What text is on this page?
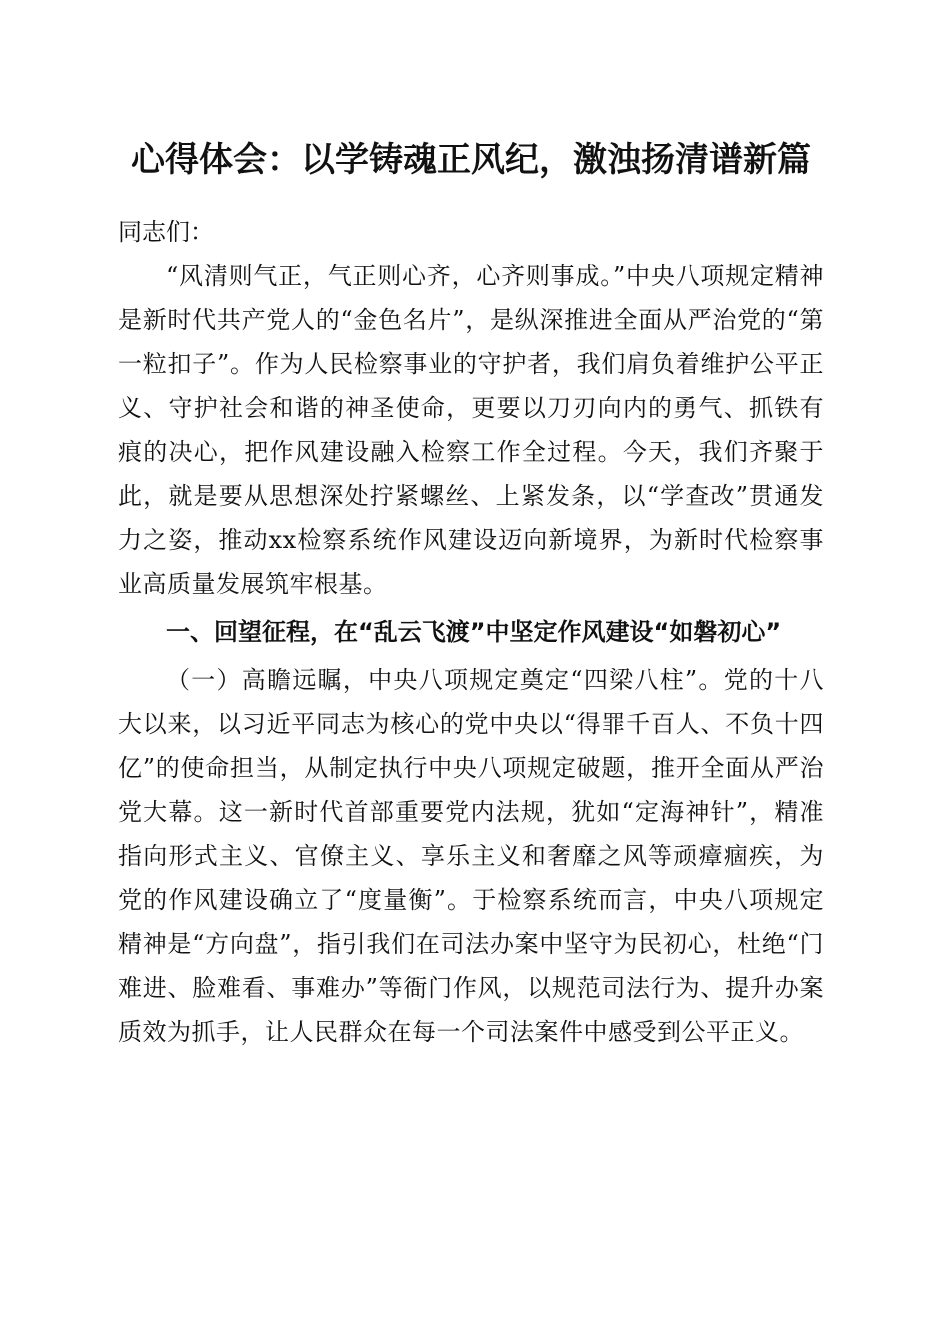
心得体会：以学铸魂正风纪，激浊扬清谱新篇

同志们：

“风清则气正，气正则心齐，心齐则事成。”中央八项规定精神是新时代共产党人的“金色名片”，是纵深推进全面从严治党的“第一粒扣子”。作为人民检察事业的守护者，我们肩负着维护公平正义、守护社会和谐的神圣使命，更要以刀刃向内的勇气、抓铁有痕的决心，把作风建设融入检察工作全过程。今天，我们齐聚于此，就是要从思想深处拧紧螺丝、上紧发条，以“学查改”贯通发力之姿，推动xx检察系统作风建设迈向新境界，为新时代检察事业高质量发展筑牢根基。

一、回望征程，在“乱云飞渡”中坚定作风建设“如磐初心”

（一）高瞻远瞩，中央八项规定奠定“四梁八柱”。党的十八大以来，以习近平同志为核心的党中央以“得罪千百人、不负十四亿”的使命担当，从制定执行中央八项规定破题，推开全面从严治党大幕。这一新时代首部重要党内法规，犹如“定海神针”，精准指向形式主义、官僚主义、享乐主义和奢靡之风等顽瘴痼疾，为党的作风建设确立了“度量衡”。于检察系统而言，中央八项规定精神是“方向盘”，指引我们在司法办案中坚守为民初心，杜绝“门难进、脸难看、事难办”等衙门作风，以规范司法行为、提升办案质效为抓手，让人民群众在每一个司法案件中感受到公平正义。
